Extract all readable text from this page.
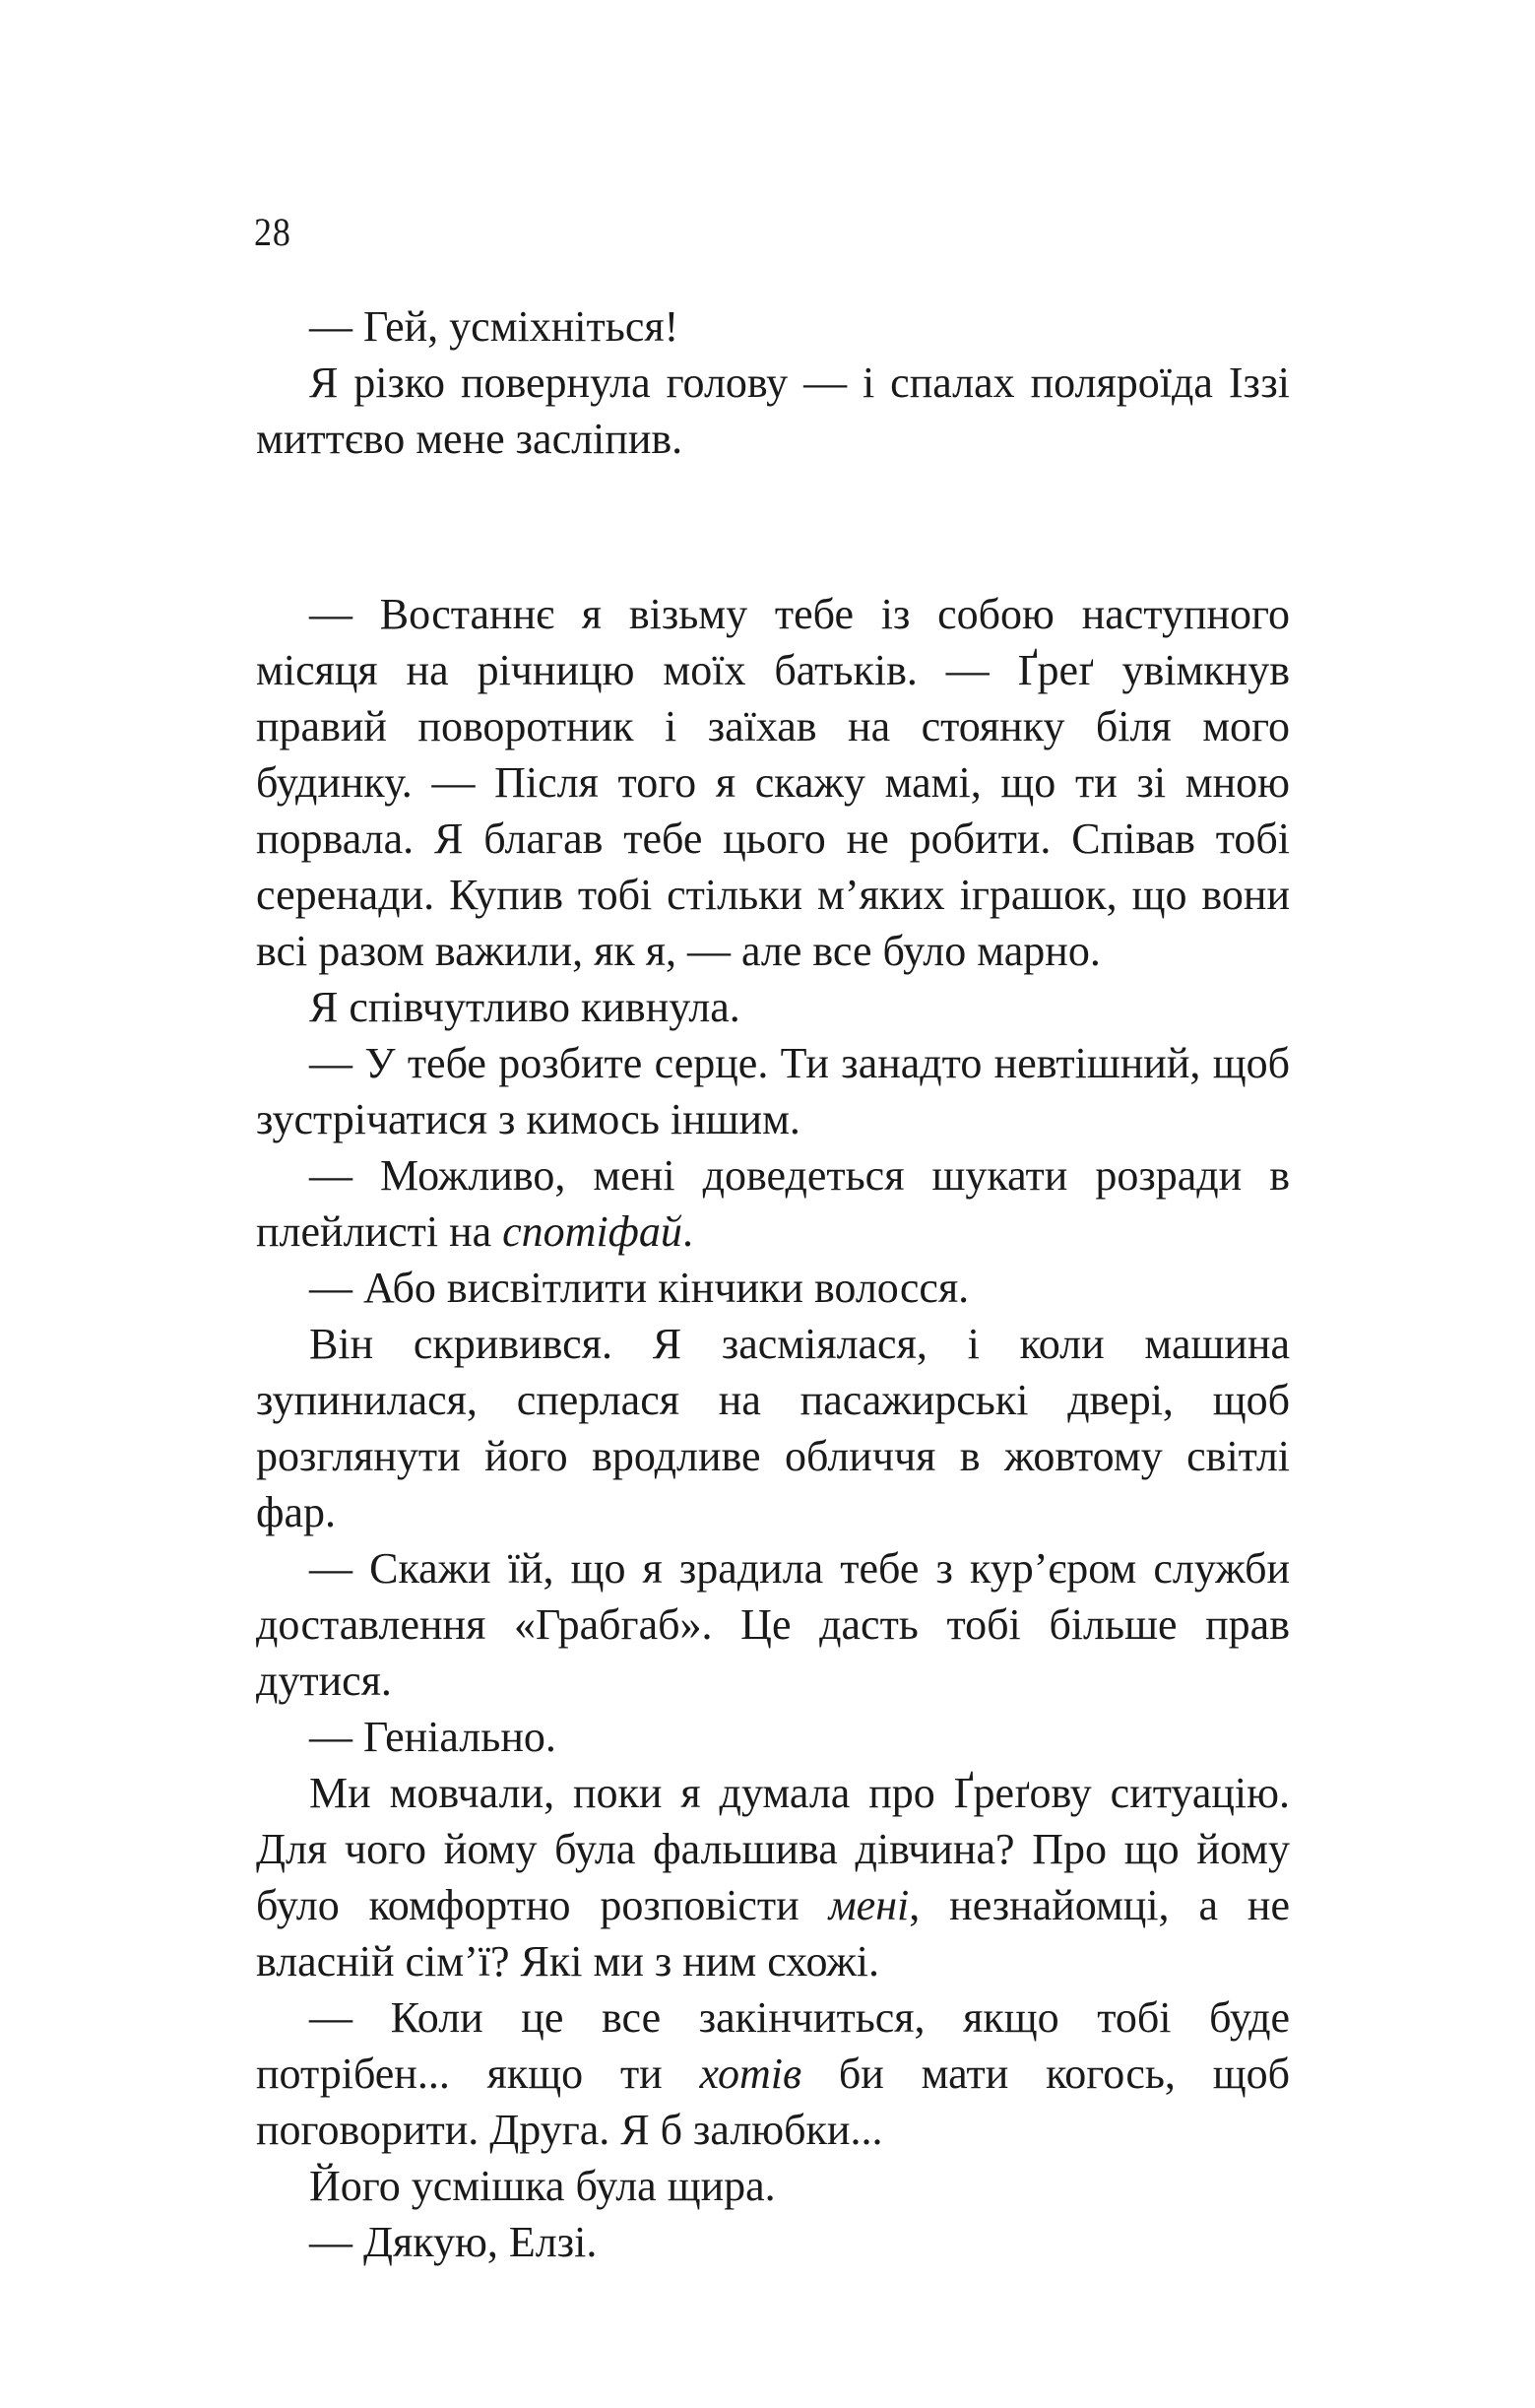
28

— Гей, усміхніться!

Я різко повернула голову — і спалах поляроїда Іззі миттєво мене засліпив.

— Востаннє я візьму тебе із собою наступного місяця на річницю моїх батьків. — Ґреґ увімкнув правий поворотник і заїхав на стоянку біля мого будинку. — Після того я скажу мамі, що ти зі мною порвала. Я благав тебе цього не робити. Співав тобі серенади. Купив тобі стільки м’яких іграшок, що вони всі разом важили, як я, — але все було марно.

Я співчутливо кивнула.

— У тебе розбите серце. Ти занадто невтішний, щоб зустрічатися з кимось іншим.

— Можливо, мені доведеться шукати розради в плейлисті на спотіфай.

— Або висвітлити кінчики волосся.

Він скривився. Я засміялася, і коли машина зупинилася, сперлася на пасажирські двері, щоб розглянути його вродливе обличчя в жовтому світлі фар.

— Скажи їй, що я зрадила тебе з кур’єром служби доставлення «Грабгаб». Це дасть тобі більше прав дутися.

— Геніально.

Ми мовчали, поки я думала про Ґреґову ситуацію. Для чого йому була фальшива дівчина? Про що йому було комфортно розповісти мені, незнайомці, а не власній сім’ї? Які ми з ним схожі.

— Коли це все закінчиться, якщо тобі буде потрібен... якщо ти хотів би мати когось, щоб поговорити. Друга. Я б залюбки...

Його усмішка була щира.

— Дякую, Елзі.
